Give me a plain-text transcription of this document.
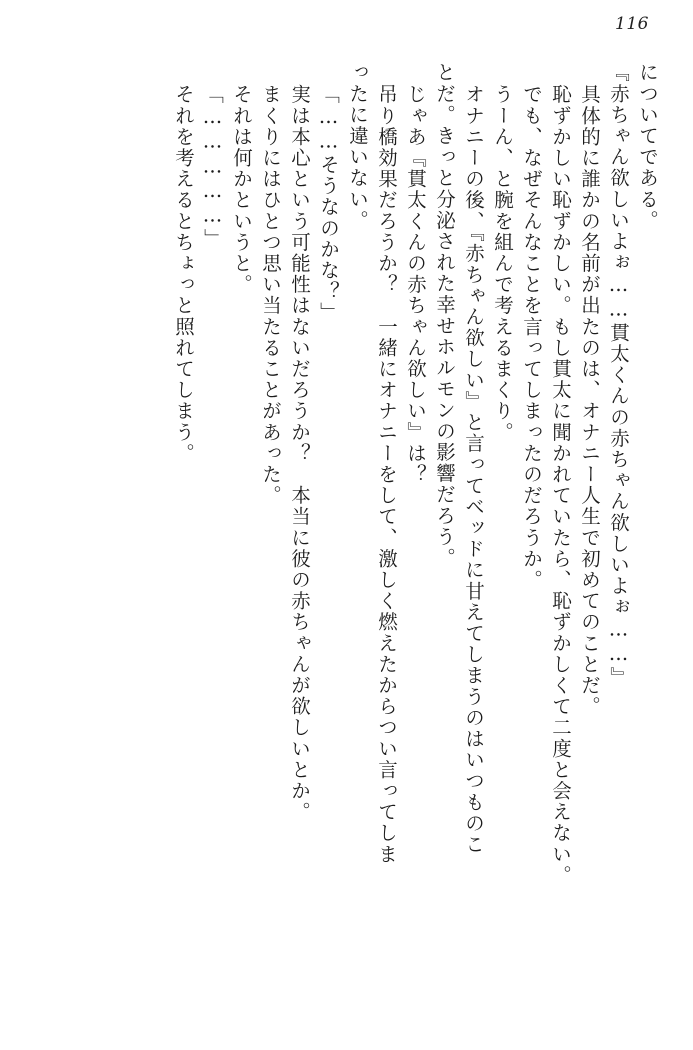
116
についてである。
『赤ちゃん欲しいよぉ……貫太くんの赤ちゃん欲しいよぉ……』
具体的に誰かの名前が出たのは、オナニー人生で初めてのことだ。
恥ずかしい恥ずかしい。もし貫太に聞かれていたら、恥ずかしくて二度と会えない。
でも、なぜそんなことを言ってしまったのだろうか。
うーん、と腕を組んで考えるまくり。
オナニーの後、『赤ちゃん欲しい』と言ってベッドに甘えてしまうのはいつものこ
とだ。きっと分泌された幸せホルモンの影響だろう。
じゃあ『貫太くんの赤ちゃん欲しい』は？
吊り橋効果だろうか？　一緒にオナニーをして、激しく燃えたからつい言ってしま
ったに違いない。
「……そうなのかな？」
実は本心という可能性はないだろうか？　本当に彼の赤ちゃんが欲しいとか。
まくりにはひとつ思い当たることがあった。
それは何かというと。
「……………」
それを考えるとちょっと照れてしまう。
